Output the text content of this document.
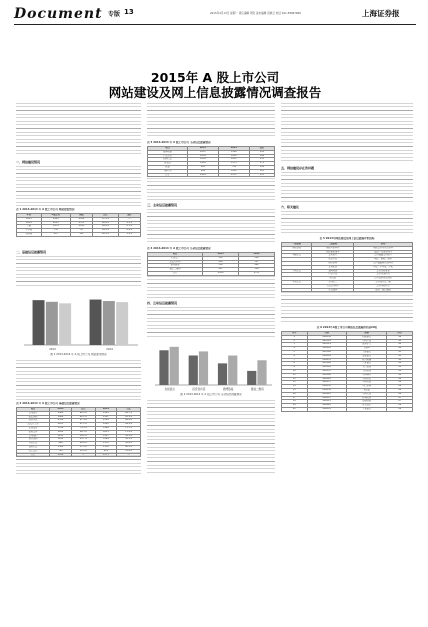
Document 专版 13	2015年4月13日 星期一 责任编辑 周奕 美术编辑 吴晓云 电话 021-38967890	上海证券报
2015年 A 股上市公司
网站建设及网上信息披露情况调查报告
一、网站建设情况
表 1 2013-2014 年 A 股上市公司 网站建设情况
年份	A股公司	网站	占比	变化
2013	2489	2418	97.1%	—
2014	2613	2571	98.4%	1.3%
主板	1474	1453	98.6%	0.7%
中小板	732	727	99.3%	0.4%
创业板	407	391	96.1%	3.2%
二、基础信息披露情况
2013	2014
图 1 2013-2014 年 A 股上市公司 网站建设情况
表 2 2013-2014 年 A 股上市公司 基础信息披露情况
项目	2013	占比	2014	占比
公司简介	2402	99.3%	2563	99.7%
组织结构	1988	82.2%	2187	85.1%
联系方式	2356	97.4%	2524	98.2%
投资者关系	2105	87.1%	2290	89.1%
定期报告	1768	73.1%	1946	75.7%
临时公告	1652	68.3%	1831	71.2%
公司章程	1213	50.2%	1397	54.3%
股本结构	1104	45.7%	1289	50.1%
分红信息	986	40.8%	1172	45.6%
高管信息	1389	57.4%	1556	60.5%
社会责任	765	31.6%	921	35.8%

表 3 2013-2014 年 A 股上市公司 主动信息披露情况
项目	2013	2014	变化
新闻动态	2207	2398	191
产品介绍	2281	2450	169
招聘信息	1856	2011	155
英文版	1402	1573	171
视频	612	754	142
下载中心	889	1012	123
合计	2418	2571	153
三、主动信息披露情况
表 4 2013-2014 年 A 股上市公司 互动信息披露情况
项目	2013	2014
在线留言	512	598
投资者问答	436	527
微博链接	318	462
微信二维码	207	389
合计	2418	2571
四、互动信息披露情况
在线留言	投资者问答	微博链接	微信二维码
图 2 2013-2014 年 A 股上市公司 互动信息披露情况
五、网站建设存在的问题
六、相关建议
表 5 2014年网站建设及网上信息披露评价指标
一级指标	二级指标	说明
网站建设	网站可访问性	网站是否可正常访问
	网站更新频率	最近一次更新时间
基础信息	公司简介	是否披露公司简介
	联系方式	电话、邮箱、地址
	组织结构	是否披露组织结构图
	定期报告	年报、半年报、季报
主动信息	新闻动态	是否及时更新
	产品介绍	是否详细介绍
	英文版	是否提供英文网站
互动信息	在线留言	是否设有留言板
	投资者问答	是否及时答复
	社交媒体	微博、微信链接
表 6 2014年A股上市公司网站信息披露排名前20名
序号	代码	简称	得分
1	600036	招商银行	96
2	601318	中国平安	95
3	600519	贵州茅台	94
4	000002	万科A	94
5	601398	工商银行	93
6	600000	浦发银行	93
7	000651	格力电器	92
8	601166	兴业银行	92
9	600104	上汽集团	91
10	000333	美的集团	91
11	601088	中国神华	90
12	600028	中国石化	90
13	601857	中国石油	89
14	600030	中信证券	89
15	000858	五粮液	88
16	601628	中国人寿	88
17	600887	伊利股份	87
18	002415	海康威视	87
19	600690	青岛海尔	86
20	000001	平安银行	86
